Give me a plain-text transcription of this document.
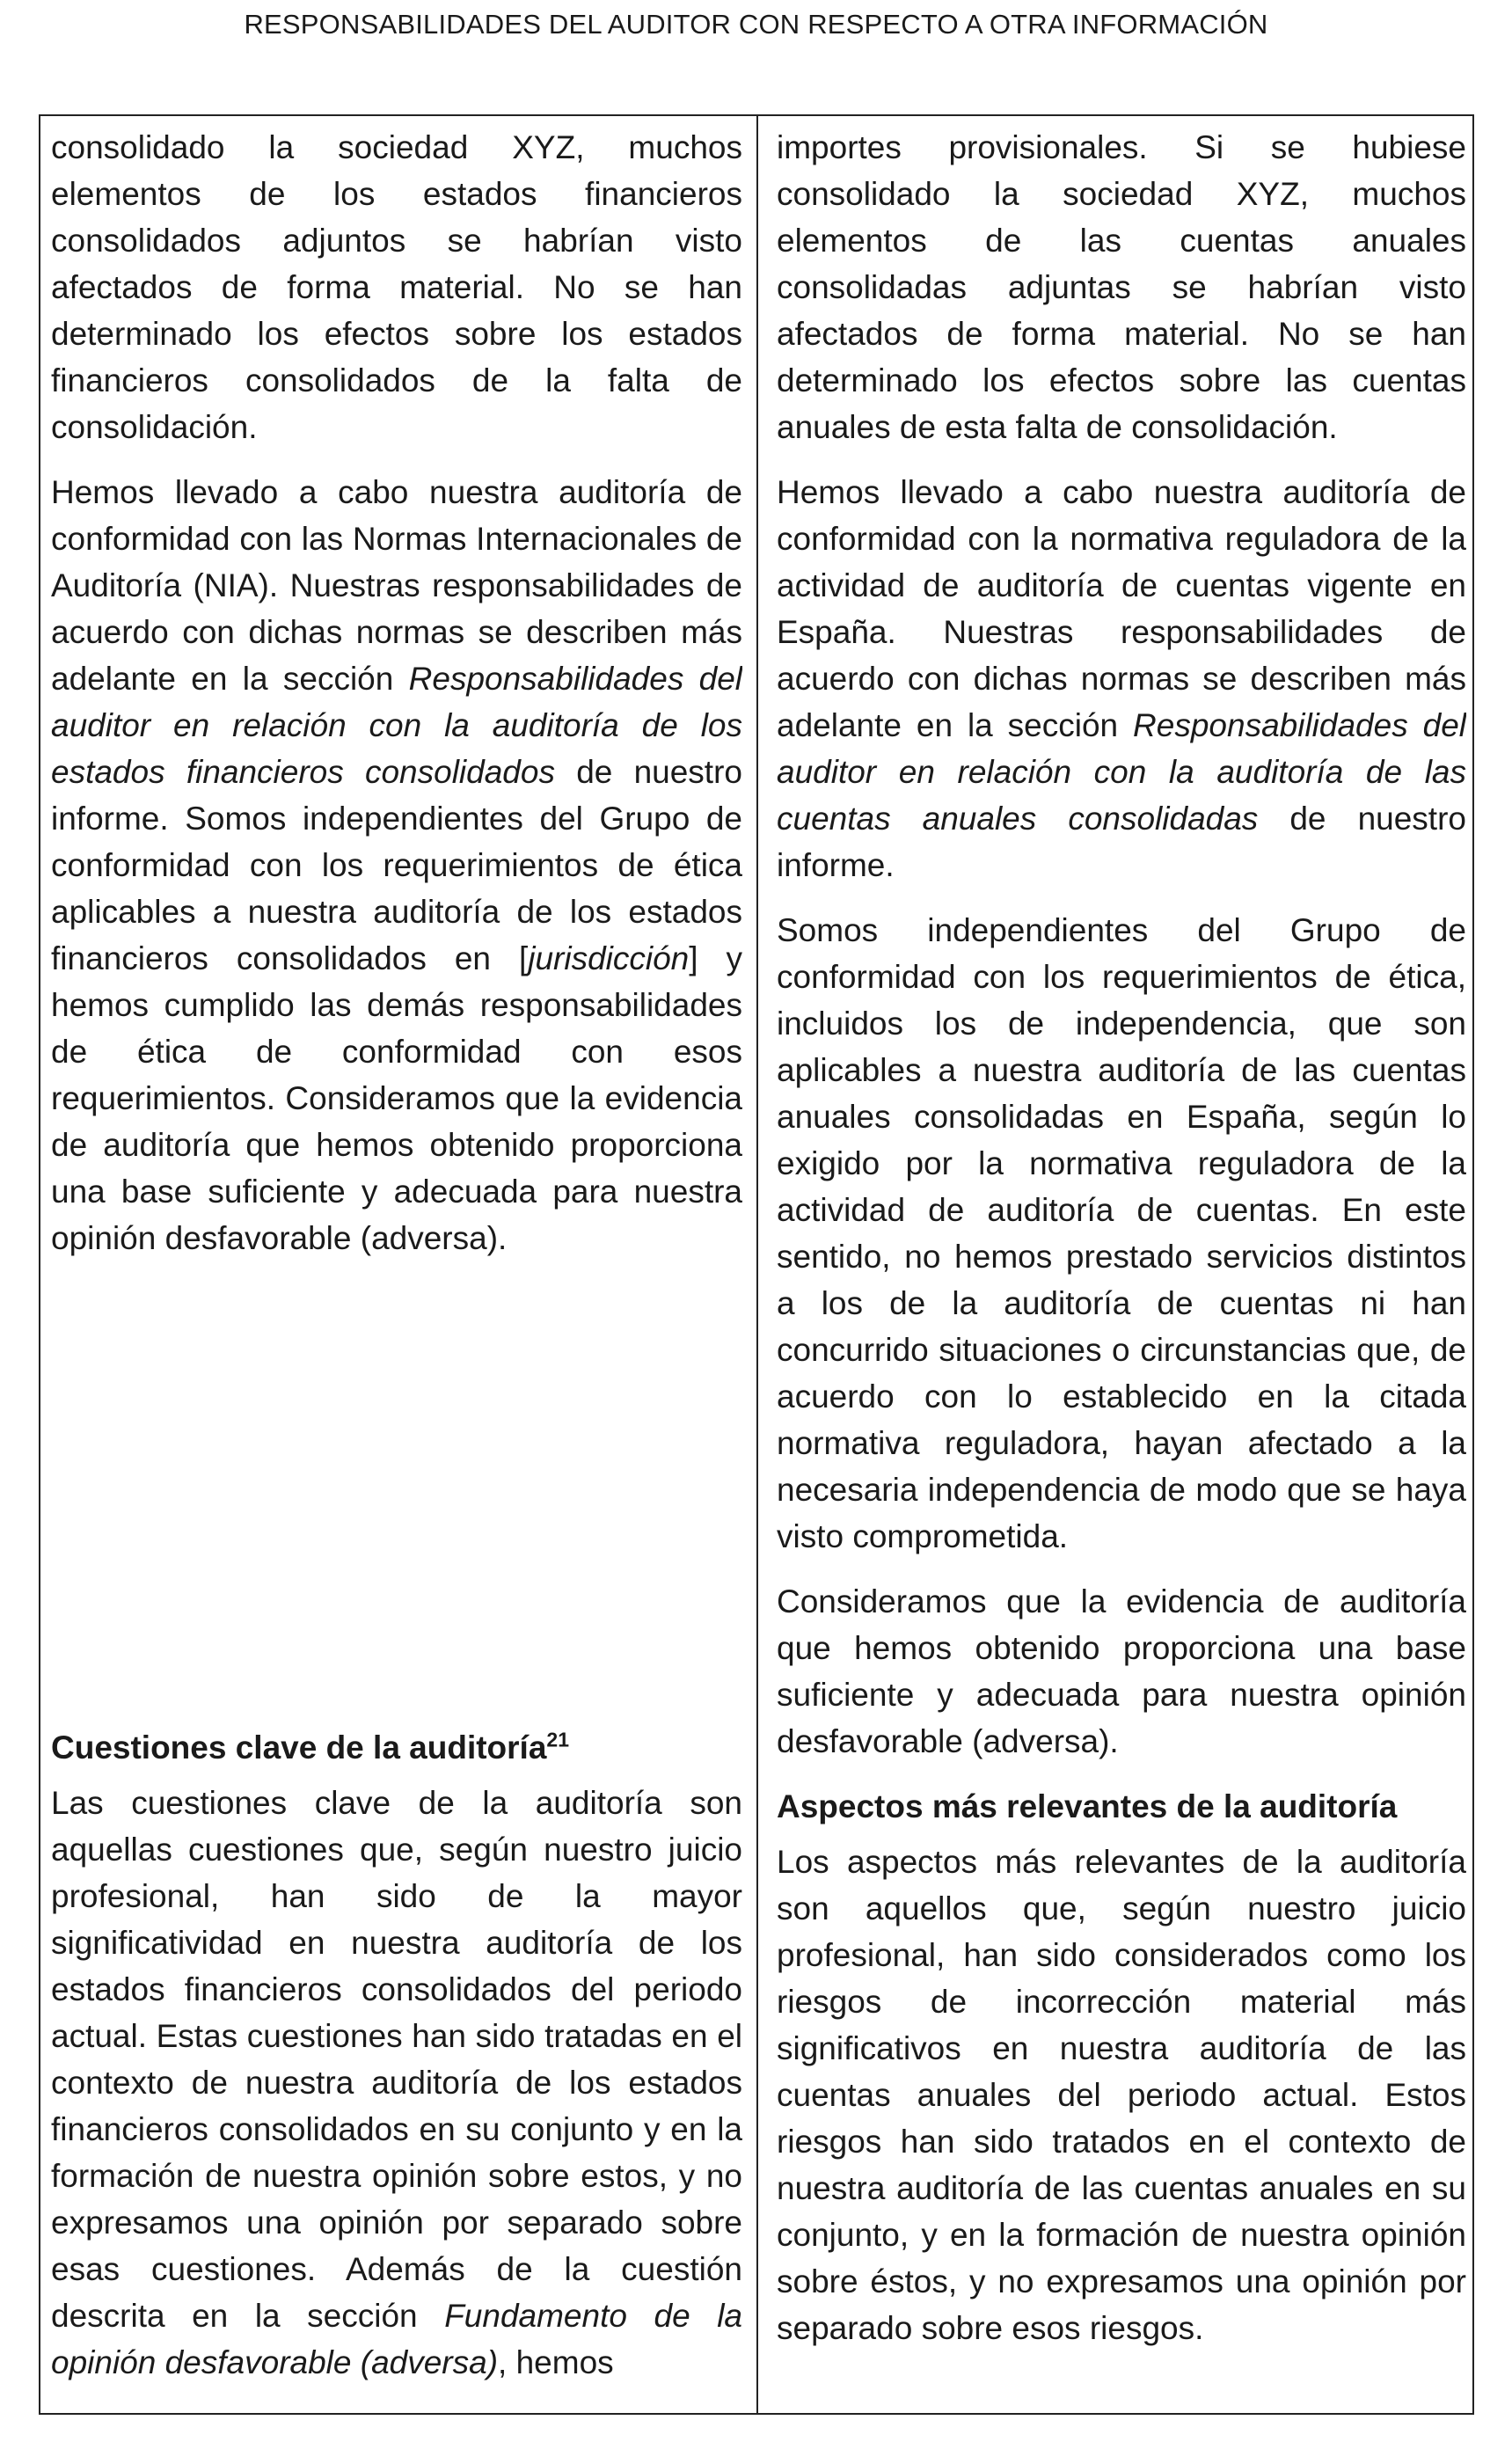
RESPONSABILIDADES DEL AUDITOR CON RESPECTO A OTRA INFORMACIÓN

consolidado la sociedad XYZ, muchos elementos de los estados financieros consolidados adjuntos se habrían visto afectados de forma material. No se han determinado los efectos sobre los estados financieros consolidados de la falta de consolidación.

Hemos llevado a cabo nuestra auditoría de conformidad con las Normas Internacionales de Auditoría (NIA). Nuestras responsabilidades de acuerdo con dichas normas se describen más adelante en la sección Responsabilidades del auditor en relación con la auditoría de los estados financieros consolidados de nuestro informe. Somos independientes del Grupo de conformidad con los requerimientos de ética aplicables a nuestra auditoría de los estados financieros consolidados en [jurisdicción] y hemos cumplido las demás responsabilidades de ética de conformidad con esos requerimientos. Consideramos que la evidencia de auditoría que hemos obtenido proporciona una base suficiente y adecuada para nuestra opinión desfavorable (adversa).

Cuestiones clave de la auditoría$^{21}$

Las cuestiones clave de la auditoría son aquellas cuestiones que, según nuestro juicio profesional, han sido de la mayor significatividad en nuestra auditoría de los estados financieros consolidados del periodo actual. Estas cuestiones han sido tratadas en el contexto de nuestra auditoría de los estados financieros consolidados en su conjunto y en la formación de nuestra opinión sobre estos, y no expresamos una opinión por separado sobre esas cuestiones. Además de la cuestión descrita en la sección Fundamento de la opinión desfavorable (adversa), hemos

importes provisionales. Si se hubiese consolidado la sociedad XYZ, muchos elementos de las cuentas anuales consolidadas adjuntas se habrían visto afectados de forma material. No se han determinado los efectos sobre las cuentas anuales de esta falta de consolidación.

Hemos llevado a cabo nuestra auditoría de conformidad con la normativa reguladora de la actividad de auditoría de cuentas vigente en España. Nuestras responsabilidades de acuerdo con dichas normas se describen más adelante en la sección Responsabilidades del auditor en relación con la auditoría de las cuentas anuales consolidadas de nuestro informe.

Somos independientes del Grupo de conformidad con los requerimientos de ética, incluidos los de independencia, que son aplicables a nuestra auditoría de las cuentas anuales consolidadas en España, según lo exigido por la normativa reguladora de la actividad de auditoría de cuentas. En este sentido, no hemos prestado servicios distintos a los de la auditoría de cuentas ni han concurrido situaciones o circunstancias que, de acuerdo con lo establecido en la citada normativa reguladora, hayan afectado a la necesaria independencia de modo que se haya visto comprometida.

Consideramos que la evidencia de auditoría que hemos obtenido proporciona una base suficiente y adecuada para nuestra opinión desfavorable (adversa).

Aspectos más relevantes de la auditoría

Los aspectos más relevantes de la auditoría son aquellos que, según nuestro juicio profesional, han sido considerados como los riesgos de incorrección material más significativos en nuestra auditoría de las cuentas anuales del periodo actual. Estos riesgos han sido tratados en el contexto de nuestra auditoría de las cuentas anuales en su conjunto, y en la formación de nuestra opinión sobre éstos, y no expresamos una opinión por separado sobre esos riesgos.
